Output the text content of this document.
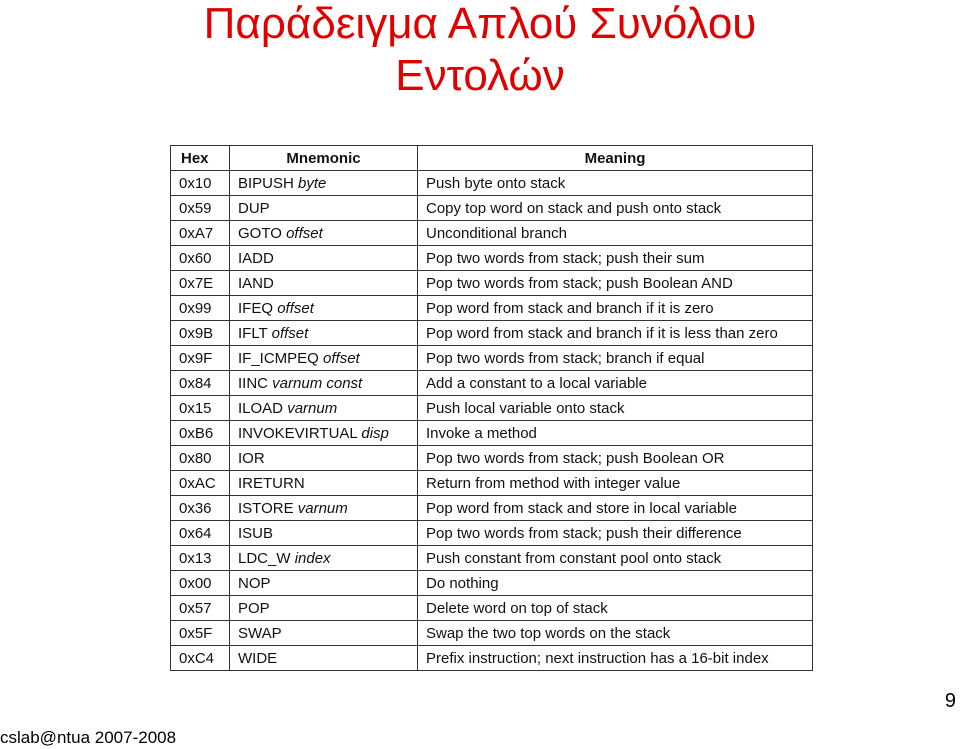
Παράδειγμα Απλού Συνόλου
Εντολών
Hex	Mnemonic	Meaning
0x10	BIPUSH byte	Push byte onto stack
0x59	DUP	Copy top word on stack and push onto stack
0xA7	GOTO offset	Unconditional branch
0x60	IADD	Pop two words from stack; push their sum
0x7E	IAND	Pop two words from stack; push Boolean AND
0x99	IFEQ offset	Pop word from stack and branch if it is zero
0x9B	IFLT offset	Pop word from stack and branch if it is less than zero
0x9F	IF_ICMPEQ offset	Pop two words from stack; branch if equal
0x84	IINC varnum const	Add a constant to a local variable
0x15	ILOAD varnum	Push local variable onto stack
0xB6	INVOKEVIRTUAL disp	Invoke a method
0x80	IOR	Pop two words from stack; push Boolean OR
0xAC	IRETURN	Return from method with integer value
0x36	ISTORE varnum	Pop word from stack and store in local variable
0x64	ISUB	Pop two words from stack; push their difference
0x13	LDC_W index	Push constant from constant pool onto stack
0x00	NOP	Do nothing
0x57	POP	Delete word on top of stack
0x5F	SWAP	Swap the two top words on the stack
0xC4	WIDE	Prefix instruction; next instruction has a 16-bit index
9
cslab@ntua 2007-2008
